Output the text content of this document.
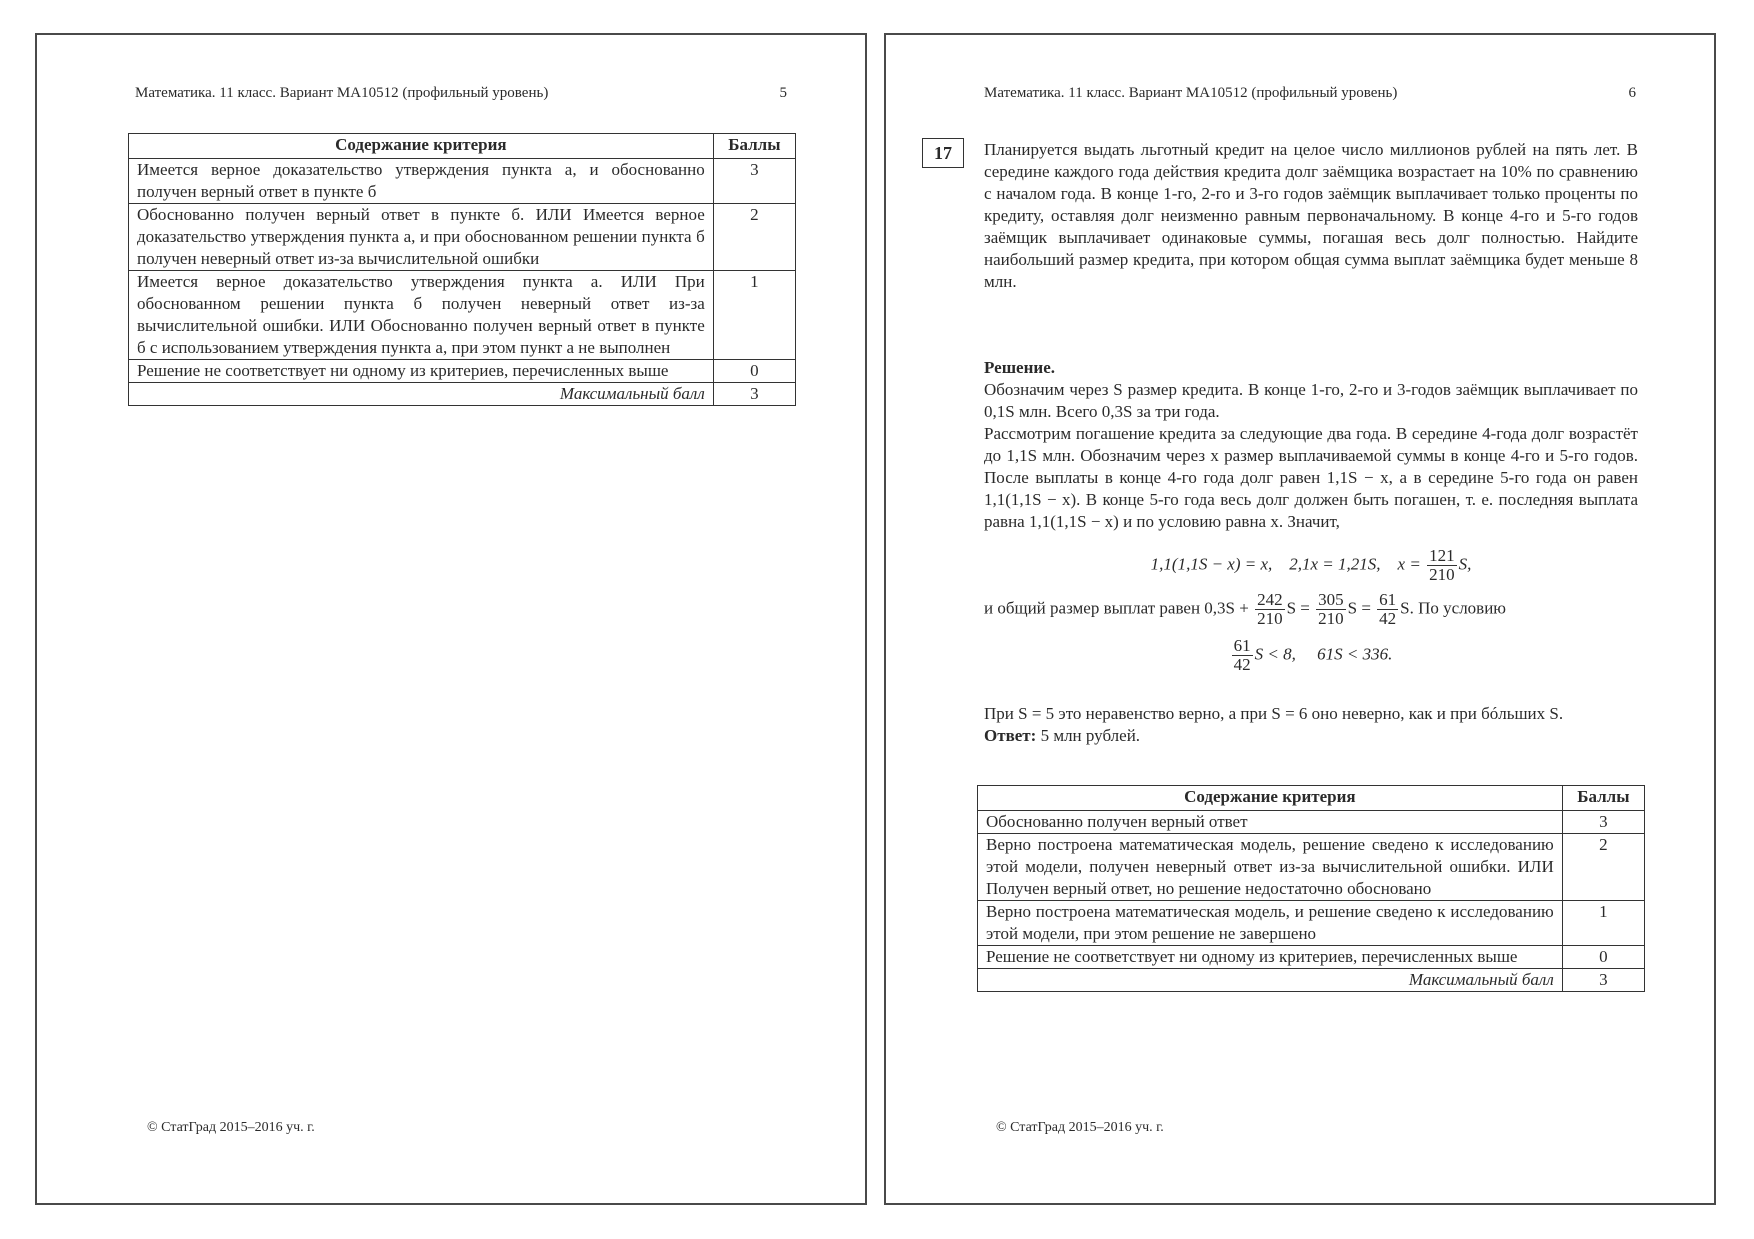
Математика. 11 класс. Вариант МА10512 (профильный уровень)	5
Содержание критерия	Баллы
Имеется верное доказательство утверждения пункта а, и обоснованно получен верный ответ в пункте б	3
Обоснованно получен верный ответ в пункте б. ИЛИ Имеется верное доказательство утверждения пункта а, и при обоснованном решении пункта б получен неверный ответ из-за вычислительной ошибки	2
Имеется верное доказательство утверждения пункта а. ИЛИ При обоснованном решении пункта б получен неверный ответ из-за вычислительной ошибки. ИЛИ Обоснованно получен верный ответ в пункте б с использованием утверждения пункта а, при этом пункт а не выполнен	1
Решение не соответствует ни одному из критериев, перечисленных выше	0
Максимальный балл	3
© СтатГрад 2015–2016 уч. г.
Математика. 11 класс. Вариант МА10512 (профильный уровень)	6
17	Планируется выдать льготный кредит на целое число миллионов рублей на пять лет. В середине каждого года действия кредита долг заёмщика возрастает на 10% по сравнению с началом года. В конце 1-го, 2-го и 3-го годов заёмщик выплачивает только проценты по кредиту, оставляя долг неизменно равным первоначальному. В конце 4-го и 5-го годов заёмщик выплачивает одинаковые суммы, погашая весь долг полностью. Найдите наибольший размер кредита, при котором общая сумма выплат заёмщика будет меньше 8 млн.

Решение.

Обозначим через S размер кредита. В конце 1-го, 2-го и 3-годов заёмщик выплачивает по 0,1S млн. Всего 0,3S за три года.

Рассмотрим погашение кредита за следующие два года. В середине 4-года долг возрастёт до 1,1S млн. Обозначим через x размер выплачиваемой суммы в конце 4-го и 5-го годов. После выплаты в конце 4-го года долг равен 1,1S − x, а в середине 5-го года он равен 1,1(1,1S − x). В конце 5-го года весь долг должен быть погашен, т. е. последняя выплата равна 1,1(1,1S − x) и по условию равна x. Значит,

1,1(1,1S − x) = x, 2,1x = 1,21S, $x = \frac{121}{210} S$,
и общий размер выплат равен $0,3S + \frac{242}{210}$ $S = \frac{305}{210}$ $S = \frac{61}{42} S$. По условию
$\frac{61}{42}$ S < 8, 61S < 336.

При S = 5 это неравенство верно, а при S = 6 оно неверно, как и при бóльших S.

Ответ: 5 млн рублей.

Содержание критерия	Баллы
Обоснованно получен верный ответ	3
Верно построена математическая модель, решение сведено к исследованию этой модели, получен неверный ответ из-за вычислительной ошибки. ИЛИ Получен верный ответ, но решение недостаточно обосновано	2
Верно построена математическая модель, и решение сведено к исследованию этой модели, при этом решение не завершено	1
Решение не соответствует ни одному из критериев, перечисленных выше	0
Максимальный балл	3
© СтатГрад 2015–2016 уч. г.
